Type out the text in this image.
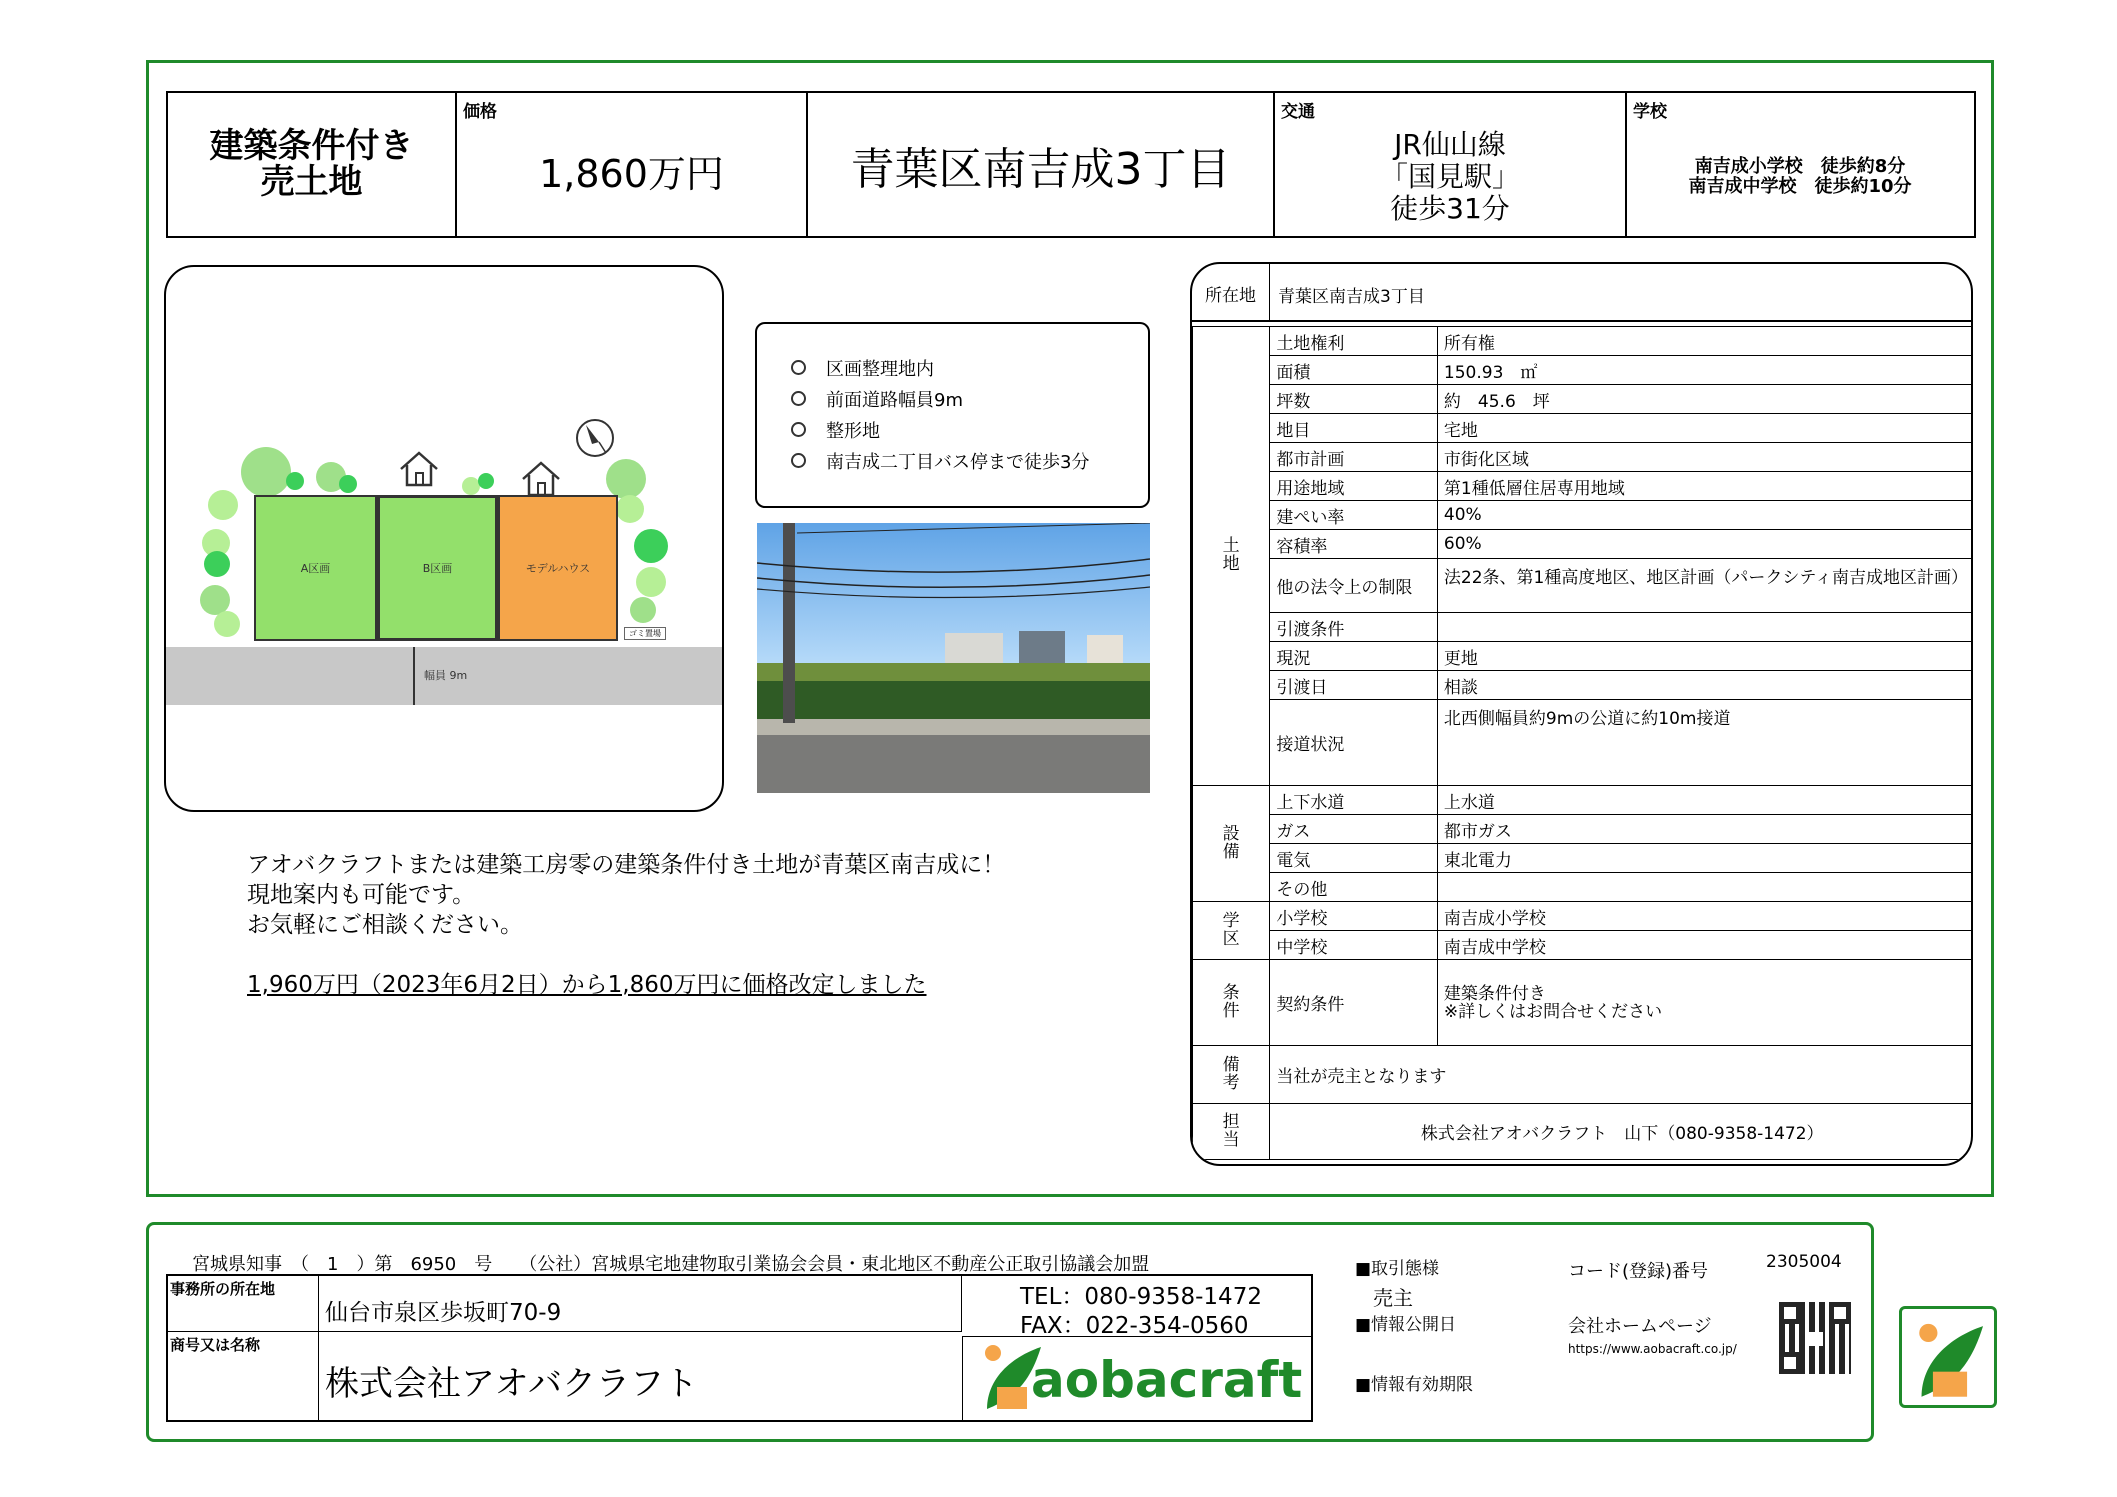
建築条件付き
売土地
価格
1,860万円	青葉区南吉成3丁目
交通
JR仙山線
「国見駅」
徒歩31分
学校
南吉成小学校　徒歩約8分
南吉成中学校　徒歩約10分
幅員 9m
A区画	B区画	モデルハウス
ゴミ置場
区画整理地内
前面道路幅員9m
整形地
南吉成二丁目バス停まで徒歩3分
アオバクラフトまたは建築工房零の建築条件付き土地が青葉区南吉成に！
現地案内も可能です。
お気軽にご相談ください。
1,960万円（2023年6月2日）から1,860万円に価格改定しました
所在地	青葉区南吉成3丁目
土地	土地権利	所有権
	面積	150.93　㎡
	坪数	約　45.6　坪
	地目	宅地
	都市計画	市街化区域
	用途地域	第1種低層住居専用地域
	建ぺい率	40%
	容積率	60%
	他の法令上の制限	法22条、第1種高度地区、地区計画（パークシティ南吉成地区計画）
	引渡条件	
	現況	更地
	引渡日	相談
	接道状況	北西側幅員約9mの公道に約10m接道
設備	上下水道	上水道
	ガス	都市ガス
	電気	東北電力
	その他	
学区	小学校	南吉成小学校
	中学校	南吉成中学校
条件	契約条件	建築条件付き
※詳しくはお問合せください

備考	当社が売主となります	
担当	株式会社アオバクラフト　山下（080-9358-1472）	
宮城県知事　（　1　）第　6950　号　　（公社）宮城県宅地建物取引業協会会員・東北地区不動産公正取引協議会加盟
事務所の所在地
仙台市泉区歩坂町70-9
TEL：080-9358-1472
FAX：022-354-0560
商号又は名称
株式会社アオバクラフト	aobacraft
■取引態様
売主
■情報公開日
■情報有効期限
コード(登録)番号	2305004
会社ホームページ
https://www.aobacraft.co.jp/
